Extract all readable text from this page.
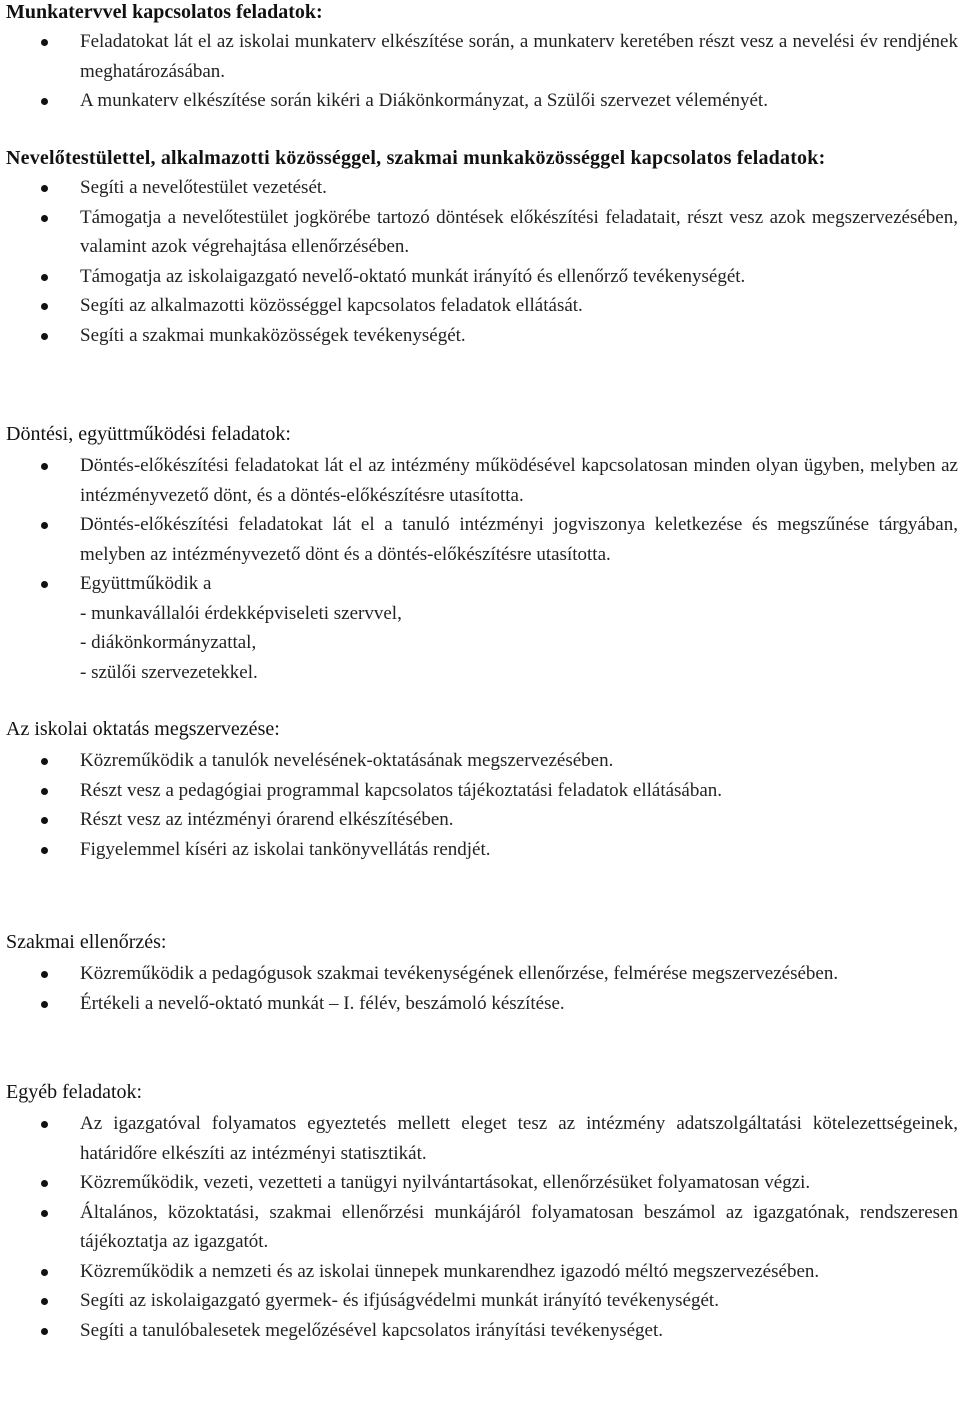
Munkatervvel kapcsolatos feladatok:
Feladatokat lát el az iskolai munkaterv elkészítése során, a munkaterv keretében részt vesz a nevelési év rendjének meghatározásában.
A munkaterv elkészítése során kikéri a Diákönkormányzat, a Szülői szervezet véleményét.
Nevelőtestülettel, alkalmazotti közösséggel, szakmai munkaközösséggel kapcsolatos feladatok:
Segíti a nevelőtestület vezetését.
Támogatja a nevelőtestület jogkörébe tartozó döntések előkészítési feladatait, részt vesz azok megszervezésében, valamint azok végrehajtása ellenőrzésében.
Támogatja az iskolaigazgató nevelő-oktató munkát irányító és ellenőrző tevékenységét.
Segíti az alkalmazotti közösséggel kapcsolatos feladatok ellátását.
Segíti a szakmai munkaközösségek tevékenységét.
Döntési, együttműködési feladatok:
Döntés-előkészítési feladatokat lát el az intézmény működésével kapcsolatosan minden olyan ügyben, melyben az intézményvezető dönt, és a döntés-előkészítésre utasította.
Döntés-előkészítési feladatokat lát el a tanuló intézményi jogviszonya keletkezése és megszűnése tárgyában, melyben az intézményvezető dönt és a döntés-előkészítésre utasította.
Együttműködik a
- munkavállalói érdekképviseleti szervvel,
- diákönkormányzattal,
- szülői szervezetekkel.
Az iskolai oktatás megszervezése:
Közreműködik a tanulók nevelésének-oktatásának megszervezésében.
Részt vesz a pedagógiai programmal kapcsolatos tájékoztatási feladatok ellátásában.
Részt vesz az intézményi órarend elkészítésében.
Figyelemmel kíséri az iskolai tankönyvellátás rendjét.
Szakmai ellenőrzés:
Közreműködik a pedagógusok szakmai tevékenységének ellenőrzése, felmérése megszervezésében.
Értékeli a nevelő-oktató munkát – I. félév, beszámoló készítése.
Egyéb feladatok:
Az igazgatóval folyamatos egyeztetés mellett eleget tesz az intézmény adatszolgáltatási kötelezettségeinek, határidőre elkészíti az intézményi statisztikát.
Közreműködik, vezeti, vezetteti a tanügyi nyilvántartásokat, ellenőrzésüket folyamatosan végzi.
Általános, közoktatási, szakmai ellenőrzési munkájáról folyamatosan beszámol az igazgatónak, rendszeresen tájékoztatja az igazgatót.
Közreműködik a nemzeti és az iskolai ünnepek munkarendhez igazodó méltó megszervezésében.
Segíti az iskolaigazgató gyermek- és ifjúságvédelmi munkát irányító tevékenységét.
Segíti a tanulóbalesetek megelőzésével kapcsolatos irányítási tevékenységet.
